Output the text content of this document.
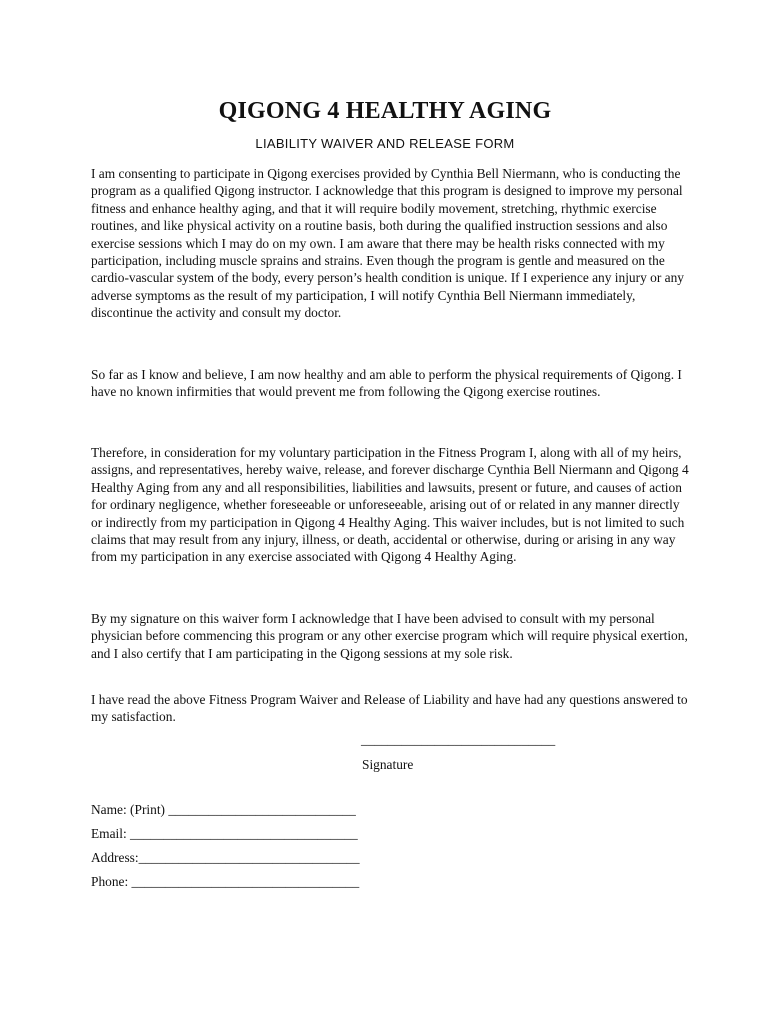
QIGONG 4 HEALTHY AGING
LIABILITY WAIVER AND RELEASE FORM

I am consenting to participate in Qigong exercises provided by Cynthia Bell Niermann, who is conducting the program as a qualified Qigong instructor. I acknowledge that this program is designed to improve my personal fitness and enhance healthy aging, and that it will require bodily movement, stretching, rhythmic exercise routines, and like physical activity on a routine basis, both during the qualified instruction sessions and also exercise sessions which I may do on my own. I am aware that there may be health risks connected with my participation, including muscle sprains and strains. Even though the program is gentle and measured on the cardio-vascular system of the body, every person’s health condition is unique. If I experience any injury or any adverse symptoms as the result of my participation, I will notify Cynthia Bell Niermann immediately, discontinue the activity and consult my doctor.

So far as I know and believe, I am now healthy and am able to perform the physical requirements of Qigong. I have no known infirmities that would prevent me from following the Qigong exercise routines.

Therefore, in consideration for my voluntary participation in the Fitness Program I, along with all of my heirs, assigns, and representatives, hereby waive, release, and forever discharge Cynthia Bell Niermann and Qigong 4 Healthy Aging from any and all responsibilities, liabilities and lawsuits, present or future, and causes of action for ordinary negligence, whether foreseeable or unforeseeable, arising out of or related in any manner directly or indirectly from my participation in Qigong 4 Healthy Aging. This waiver includes, but is not limited to such claims that may result from any injury, illness, or death, accidental or otherwise, during or arising in any way from my participation in any exercise associated with Qigong 4 Healthy Aging.

By my signature on this waiver form I acknowledge that I have been advised to consult with my personal physician before commencing this program or any other exercise program which will require physical exertion, and I also certify that I am participating in the Qigong sessions at my sole risk.

I have read the above Fitness Program Waiver and Release of Liability and have had any questions answered to my satisfaction.

_____________________________
Signature
Name: (Print) ____________________________
Email: __________________________________
Address:_________________________________
Phone: __________________________________
